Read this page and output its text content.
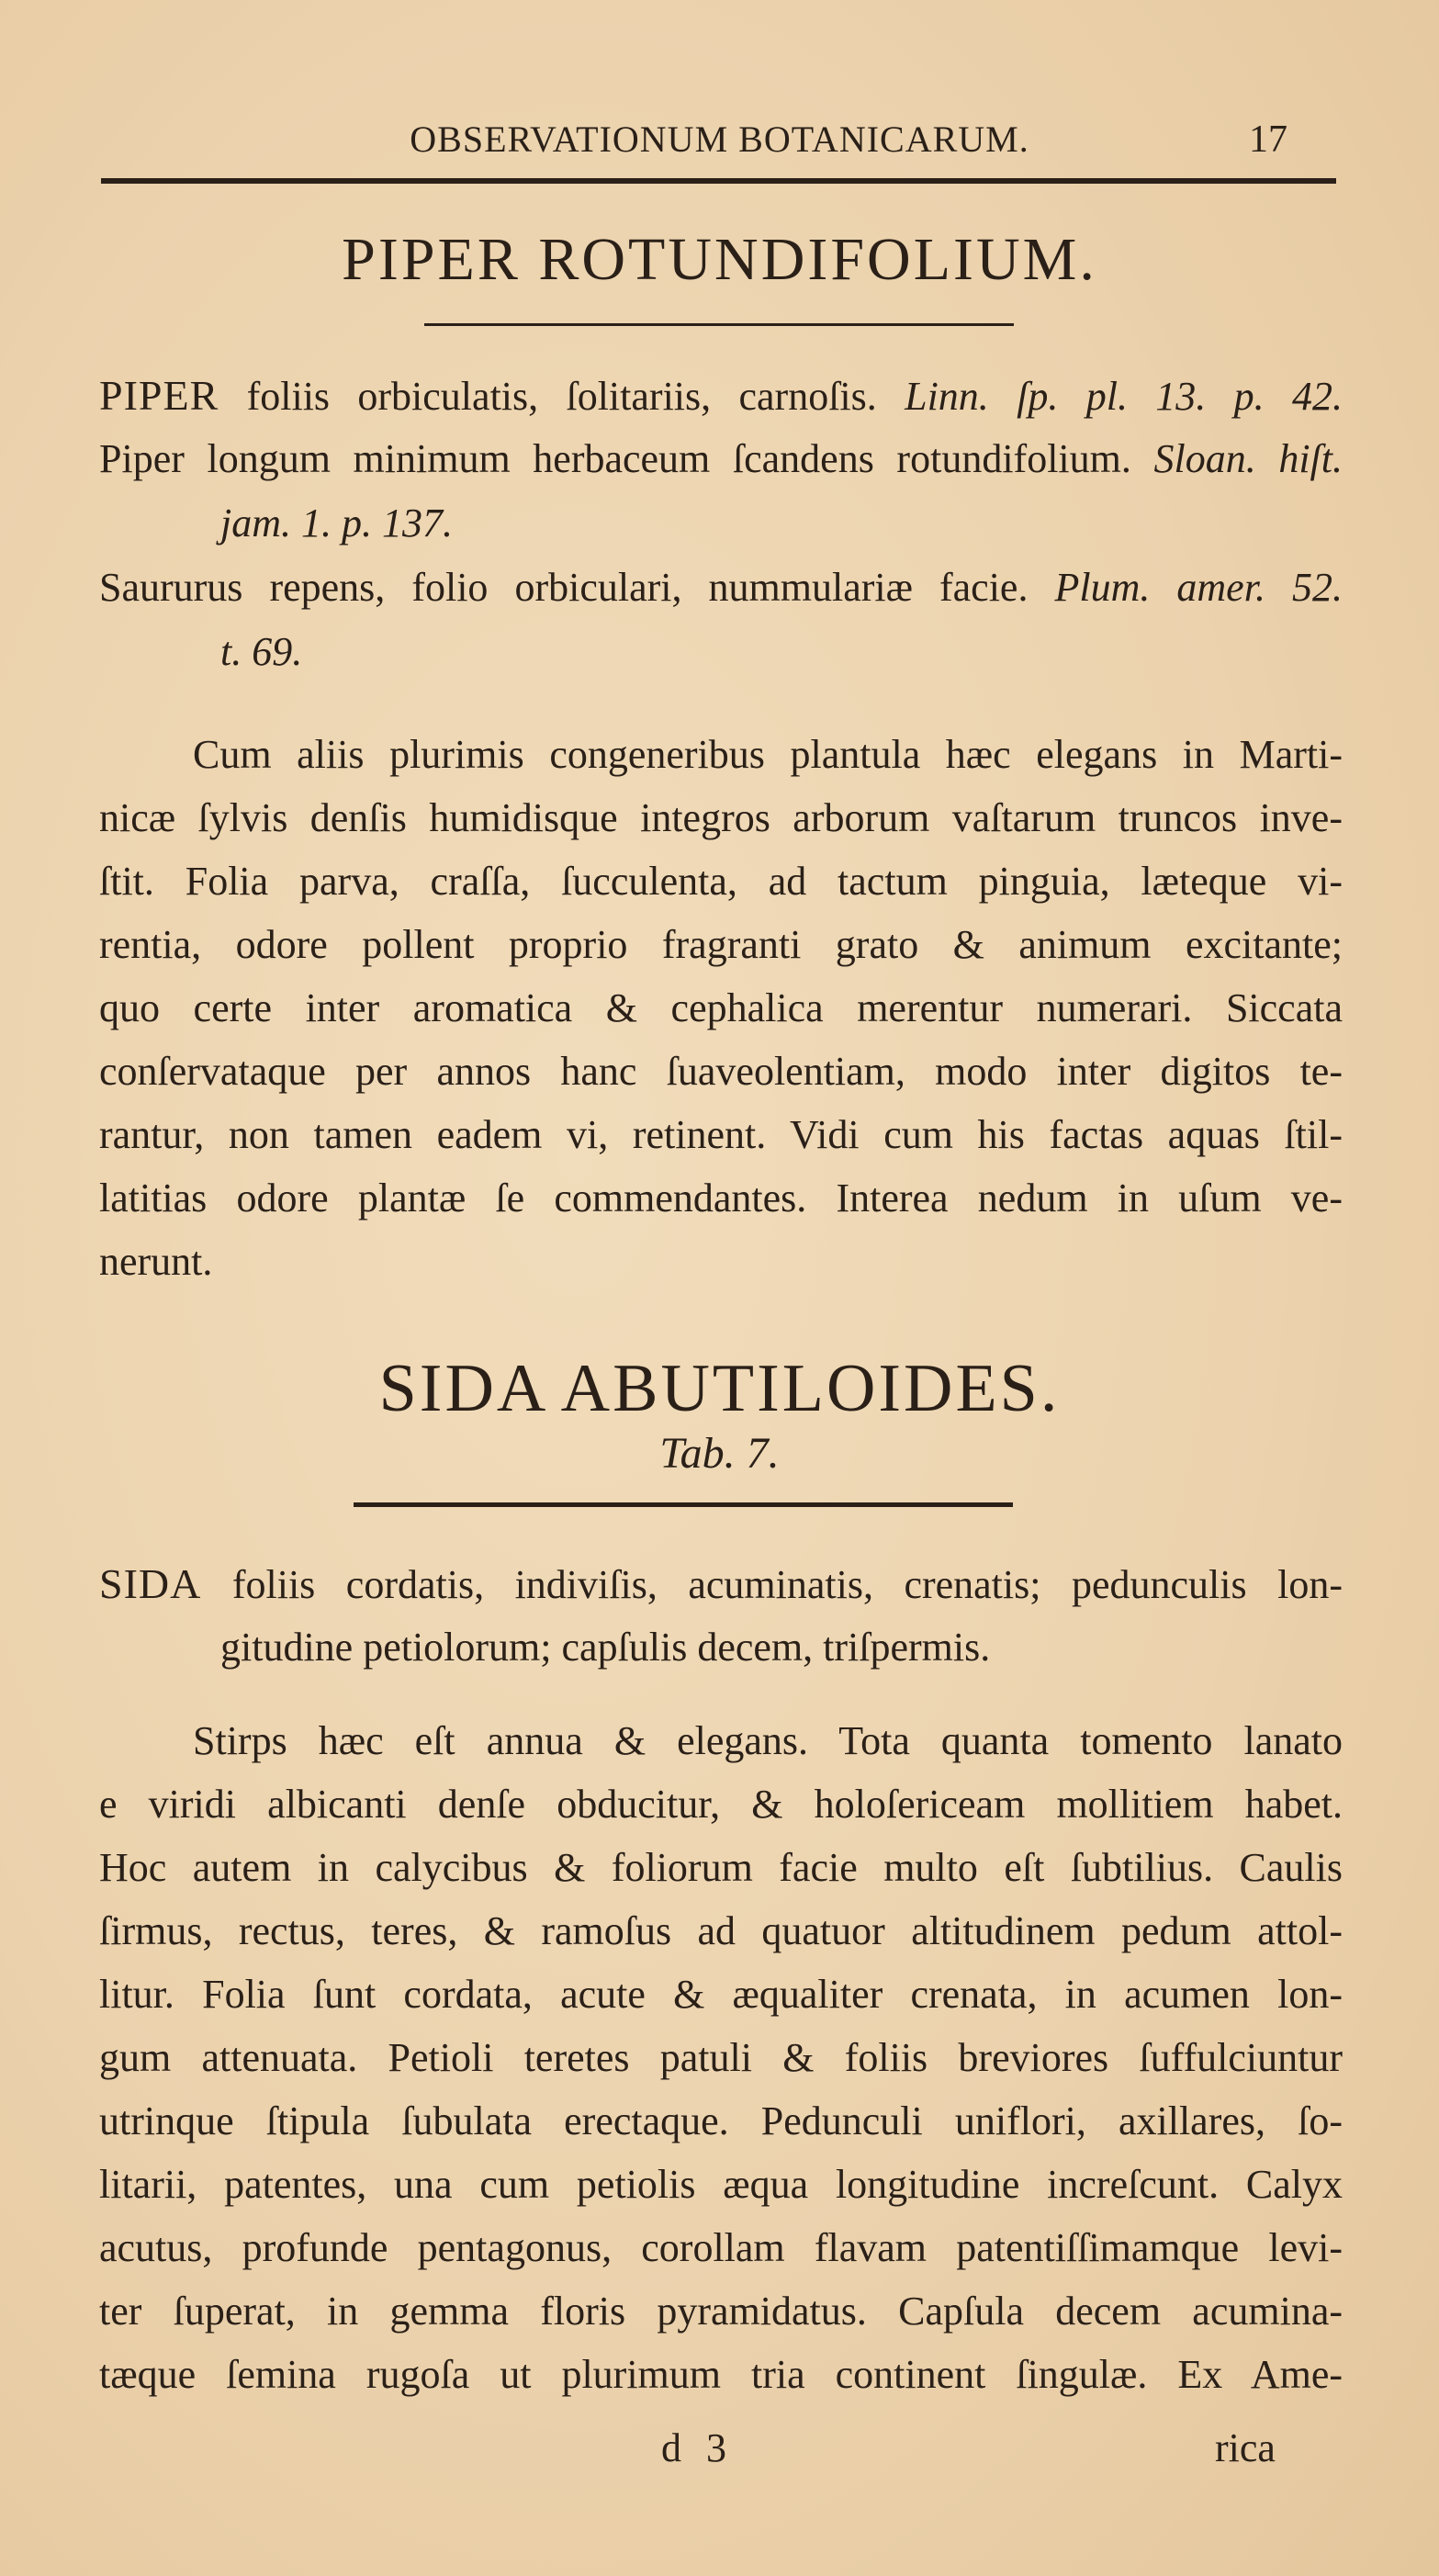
OBSERVATIONUM BOTANICARUM.	17
PIPER ROTUNDIFOLIUM.

PIPER foliis orbiculatis, ſolitariis, carnoſis. Linn. ſp. pl. 13. p. 42.

Piper longum minimum herbaceum ſcandens rotundifolium. Sloan. hiſt.

jam. 1. p. 137.

Saururus repens, folio orbiculari, nummulariæ facie. Plum. amer. 52.

t. 69.

Cum aliis plurimis congeneribus plantula hæc elegans in Marti-

nicæ ſylvis denſis humidisque integros arborum vaſtarum truncos inve-

ſtit. Folia parva, craſſa, ſucculenta, ad tactum pinguia, læteque vi-

rentia, odore pollent proprio fragranti grato & animum excitante;

quo certe inter aromatica & cephalica merentur numerari. Siccata

conſervataque per annos hanc ſuaveolentiam, modo inter digitos te-

rantur, non tamen eadem vi, retinent. Vidi cum his factas aquas ſtil-

latitias odore plantæ ſe commendantes. Interea nedum in uſum ve-

nerunt.

SIDA ABUTILOIDES.
Tab. 7.

SIDA foliis cordatis, indiviſis, acuminatis, crenatis; pedunculis lon-

gitudine petiolorum; capſulis decem, triſpermis.

Stirps hæc eſt annua & elegans. Tota quanta tomento lanato

e viridi albicanti denſe obducitur, & holoſericeam mollitiem habet.

Hoc autem in calycibus & foliorum facie multo eſt ſubtilius. Caulis

ſirmus, rectus, teres, & ramoſus ad quatuor altitudinem pedum attol-

litur. Folia ſunt cordata, acute & æqualiter crenata, in acumen lon-

gum attenuata. Petioli teretes patuli & foliis breviores ſuffulciuntur

utrinque ſtipula ſubulata erectaque. Pedunculi uniflori, axillares, ſo-

litarii, patentes, una cum petiolis æqua longitudine increſcunt. Calyx

acutus, profunde pentagonus, corollam flavam patentiſſimamque levi-

ter ſuperat, in gemma floris pyramidatus. Capſula decem acumina-

tæque ſemina rugoſa ut plurimum tria continent ſingulæ. Ex Ame-

d 3	rica
